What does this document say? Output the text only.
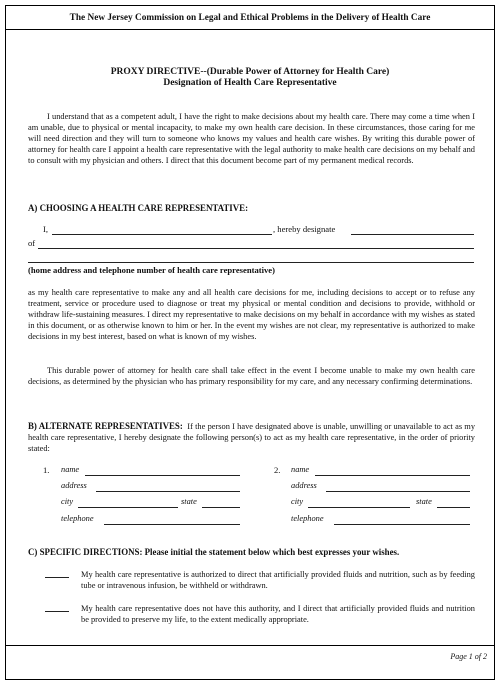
The New Jersey Commission on Legal and Ethical Problems in the Delivery of Health Care
PROXY DIRECTIVE--(Durable Power of Attorney for Health Care)
Designation of Health Care Representative
I understand that as a competent adult, I have the right to make decisions about my health care. There may come a time when I am unable, due to physical or mental incapacity, to make my own health care decision. In these circumstances, those caring for me will need direction and they will turn to someone who knows my values and health care wishes. By writing this durable power of attorney for health care I appoint a health care representative with the legal authority to make health care decisions on my behalf and to consult with my physician and others. I direct that this document become part of my permanent medical records.
A) CHOOSING A HEALTH CARE REPRESENTATIVE:
I,	, hereby designate
of
(home address and telephone number of health care representative)
as my health care representative to make any and all health care decisions for me, including decisions to accept or to refuse any treatment, service or procedure used to diagnose or treat my physical or mental condition and decisions to provide, withhold or withdraw life-sustaining measures. I direct my representative to make decisions on my behalf in accordance with my wishes as stated in this document, or as otherwise known to him or her. In the event my wishes are not clear, my representative is authorized to make decisions in my best interest, based on what is known of my wishes.
This durable power of attorney for health care shall take effect in the event I become unable to make my own health care decisions, as determined by the physician who has primary responsibility for my care, and any necessary confirming determinations.
B) ALTERNATE REPRESENTATIVES: If the person I have designated above is unable, unwilling or unavailable to act as my health care representative, I hereby designate the following person(s) to act as my health care representative, in the order of priority stated:
1. name
address
city	state
telephone
2. name
address
city	state
telephone
C) SPECIFIC DIRECTIONS: Please initial the statement below which best expresses your wishes.
My health care representative is authorized to direct that artificially provided fluids and nutrition, such as by feeding tube or intravenous infusion, be withheld or withdrawn.
My health care representative does not have this authority, and I direct that artificially provided fluids and nutrition be provided to preserve my life, to the extent medically appropriate.
Page 1 of 2
